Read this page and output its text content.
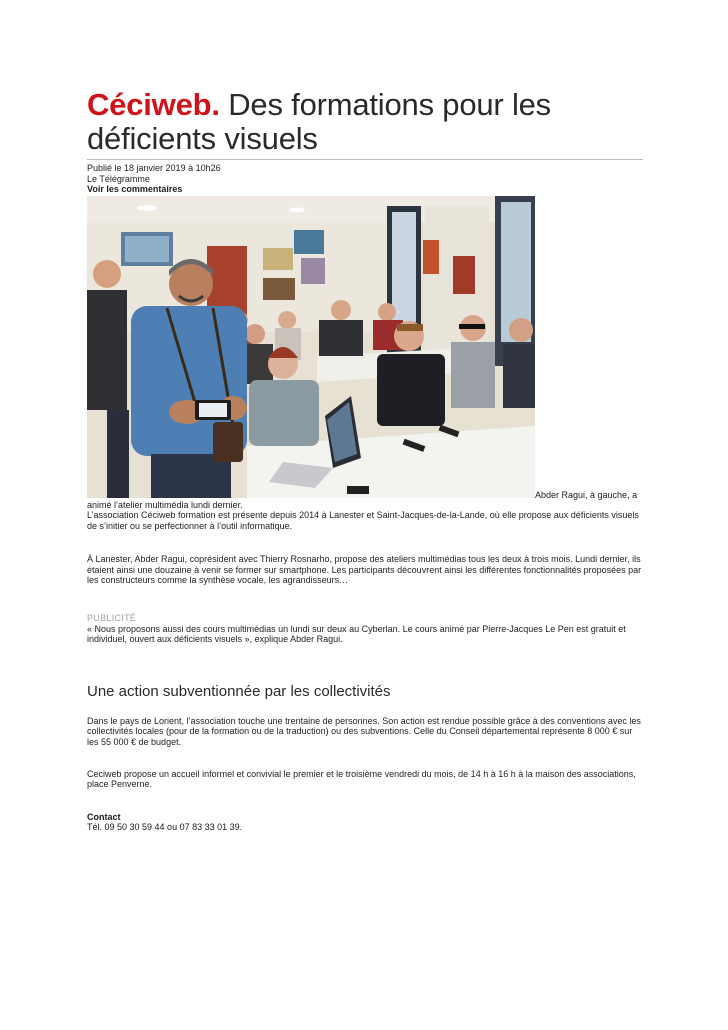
Céciweb. Des formations pour les déficients visuels
Publié le 18 janvier 2019 à 10h26
Le Télégramme
Voir les commentaires
Abder Ragui, à gauche, a
animé l’atelier multimédia lundi dernier.

L’association Céciweb formation est présente depuis 2014 à Lanester et Saint-Jacques-de-la-Lande, où elle propose aux déficients visuels de s’initier ou se perfectionner à l’outil informatique.

À Lanester, Abder Ragui, coprésident avec Thierry Rosnarho, propose des ateliers multimédias tous les deux à trois mois. Lundi dernier, ils étaient ainsi une douzaine à venir se former sur smartphone. Les participants découvrent ainsi les différentes fonctionnalités proposées par les constructeurs comme la synthèse vocale, les agrandisseurs…

PUBLICITÉ

« Nous proposons aussi des cours multimédias un lundi sur deux au Cyberlan. Le cours animé par Pierre-Jacques Le Pen est gratuit et individuel, ouvert aux déficients visuels », explique Abder Ragui.

Une action subventionnée par les collectivités

Dans le pays de Lorient, l’association touche une trentaine de personnes. Son action est rendue possible grâce à des conventions avec les collectivités locales (pour de la formation ou de la traduction) ou des subventions. Celle du Conseil départemental représente 8 000 € sur les 55 000 € de budget.

Ceciweb propose un accueil informel et convivial le premier et le troisième vendredi du mois, de 14 h à 16 h à la maison des associations, place Penverne.

Contact
Tél. 09 50 30 59 44 ou 07 83 33 01 39.
